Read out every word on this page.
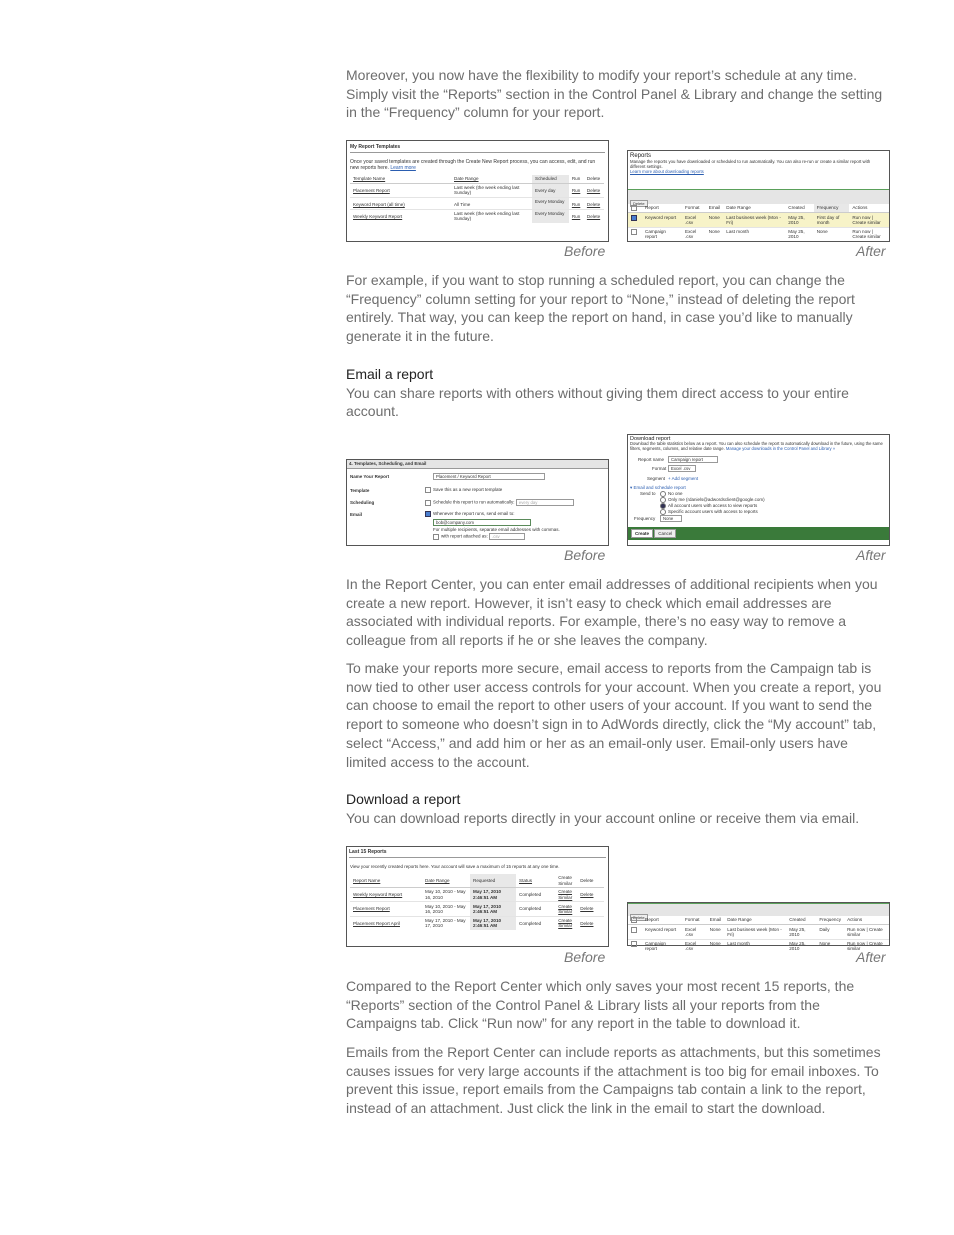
Moreover, you now have the flexibility to modify your report’s schedule at any time. Simply visit the “Reports” section in the Control Panel & Library and change the setting in the “Frequency” column for your report.

My Report Templates
Once your saved templates are created through the Create New Report process, you can access, edit, and run new reports here. Learn more
Template Name	Date Range	Scheduled	Run	Delete
Placement Report	Last week (the week ending last Sunday)	Every day	Run	Delete
Keyword Report (all time)	All Time	Every Monday	Run	Delete
Weekly Keyword Report	Last week (the week ending last Sunday)	Every Monday	Run	Delete
Reports
Manage the reports you have downloaded or scheduled to run automatically. You can also re-run or create a similar report with different settings.
Learn more about downloading reports
Delete
	Report	Format	Email	Date Range	Created	Frequency	Actions
	Keyword report	Excel .csv	None	Last business week (Mon - Fri)	May 25, 2010	First day of month	Run now | Create similar
	Campaign report	Excel .csv	None	Last month	May 25, 2010	None	Run now | Create similar
Before	After

For example, if you want to stop running a scheduled report, you can change the “Frequency” column setting for your report to “None,” instead of deleting the report entirely. That way, you can keep the report on hand, in case you’d like to manually generate it in the future.

Email a report

You can share reports with others without giving them direct access to your entire account.

4. Templates, Scheduling, and Email
Name Your Report	Placement / Keyword Report
Template	Save this as a new report template
Scheduling	Schedule this report to run automatically: every day
Email	Whenever the report runs, send email to:
bob@company.com
For multiple recipients, separate email addresses with commas.
with report attached as: .csv
Download report
Download the table statistics below as a report. You can also schedule the report to automatically download in the future, using the same filters, segments, columns, and relative date range. Manage your downloads in the Control Panel and Library »
Report name	Campaign report
Format	Excel .csv
Segment + Add segment
▾ Email and schedule report
Send to	No one
Only me (rdaniels@adwordsclient@google.com)
All account users with access to view reports
Specific account users with access to reports
Frequency	None
Create Cancel
Before	After

In the Report Center, you can enter email addresses of additional recipients when you create a new report. However, it isn’t easy to check which email addresses are associated with individual reports. For example, there’s no easy way to remove a colleague from all reports if he or she leaves the company.

To make your reports more secure, email access to reports from the Campaign tab is now tied to other user access controls for your account. When you create a report, you can choose to email the report to other users of your account. If you want to send the report to someone who doesn’t sign in to AdWords directly, click the “My account” tab, select “Access,” and add him or her as an email-only user. Email-only users have limited access to the account.

Download a report

You can download reports directly in your account online or receive them via email.

Last 15 Reports
View your recently created reports here. Your account will save a maximum of 15 reports at any one time.
Report Name	Date Range	Requested	Status	Create Similar	Delete
Weekly Keyword Report	May 10, 2010 - May 16, 2010	May 17, 2010 2:46:51 AM	Completed	Create Similar	Delete
Placement Report	May 10, 2010 - May 16, 2010	May 17, 2010 2:46:51 AM	Completed	Create Similar	Delete
Placement Report April	May 17, 2010 - May 17, 2010	May 17, 2010 2:46:51 AM	Completed	Create Similar	Delete
Delete
	Report	Format	Email	Date Range	Created	Frequency	Actions
	Keyword report	Excel .csv	None	Last business week (Mon - Fri)	May 25, 2010	Daily	Run now | Create similar
	Campaign report	Excel .csv	None	Last month	May 25, 2010	None	Run now | Create similar
Before	After

Compared to the Report Center which only saves your most recent 15 reports, the “Reports” section of the Control Panel & Library lists all your reports from the Campaigns tab. Click “Run now” for any report in the table to download it.

Emails from the Report Center can include reports as attachments, but this sometimes causes issues for very large accounts if the attachment is too big for email inboxes. To prevent this issue, report emails from the Campaigns tab contain a link to the report, instead of an attachment. Just click the link in the email to start the download.
